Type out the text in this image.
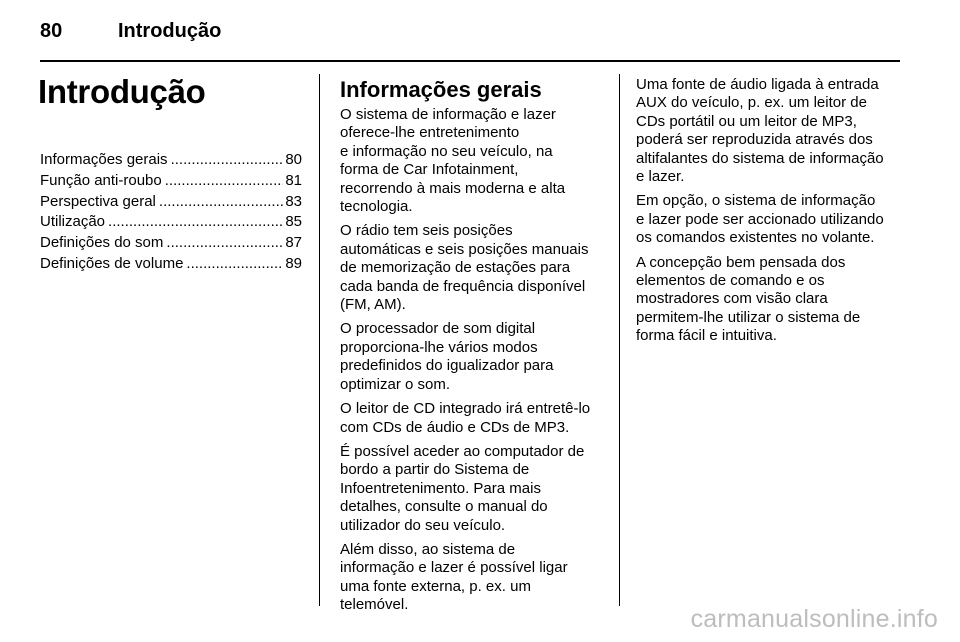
80	Introdução
Introdução
Informações gerais .....	80
Função anti-roubo .....	81
Perspectiva geral .....	83
Utilização .....	85
Definições do som .....	87
Definições de volume .....	89
Informações gerais

O sistema de informação e lazer
oferece-lhe entretenimento
e informação no seu veículo, na
forma de Car Infotainment,
recorrendo à mais moderna e alta
tecnologia.

O rádio tem seis posições
automáticas e seis posições manuais
de memorização de estações para
cada banda de frequência disponível
(FM, AM).

O processador de som digital
proporciona-lhe vários modos
predefinidos do igualizador para
optimizar o som.

O leitor de CD integrado irá entretê-lo
com CDs de áudio e CDs de MP3.

É possível aceder ao computador de
bordo a partir do Sistema de
Infoentretenimento. Para mais
detalhes, consulte o manual do
utilizador do seu veículo.

Além disso, ao sistema de
informação e lazer é possível ligar
uma fonte externa, p. ex. um
telemóvel.

Uma fonte de áudio ligada à entrada
AUX do veículo, p. ex. um leitor de
CDs portátil ou um leitor de MP3,
poderá ser reproduzida através dos
altifalantes do sistema de informação
e lazer.

Em opção, o sistema de informação
e lazer pode ser accionado utilizando
os comandos existentes no volante.

A concepção bem pensada dos
elementos de comando e os
mostradores com visão clara
permitem-lhe utilizar o sistema de
forma fácil e intuitiva.

carmanualsonline.info
